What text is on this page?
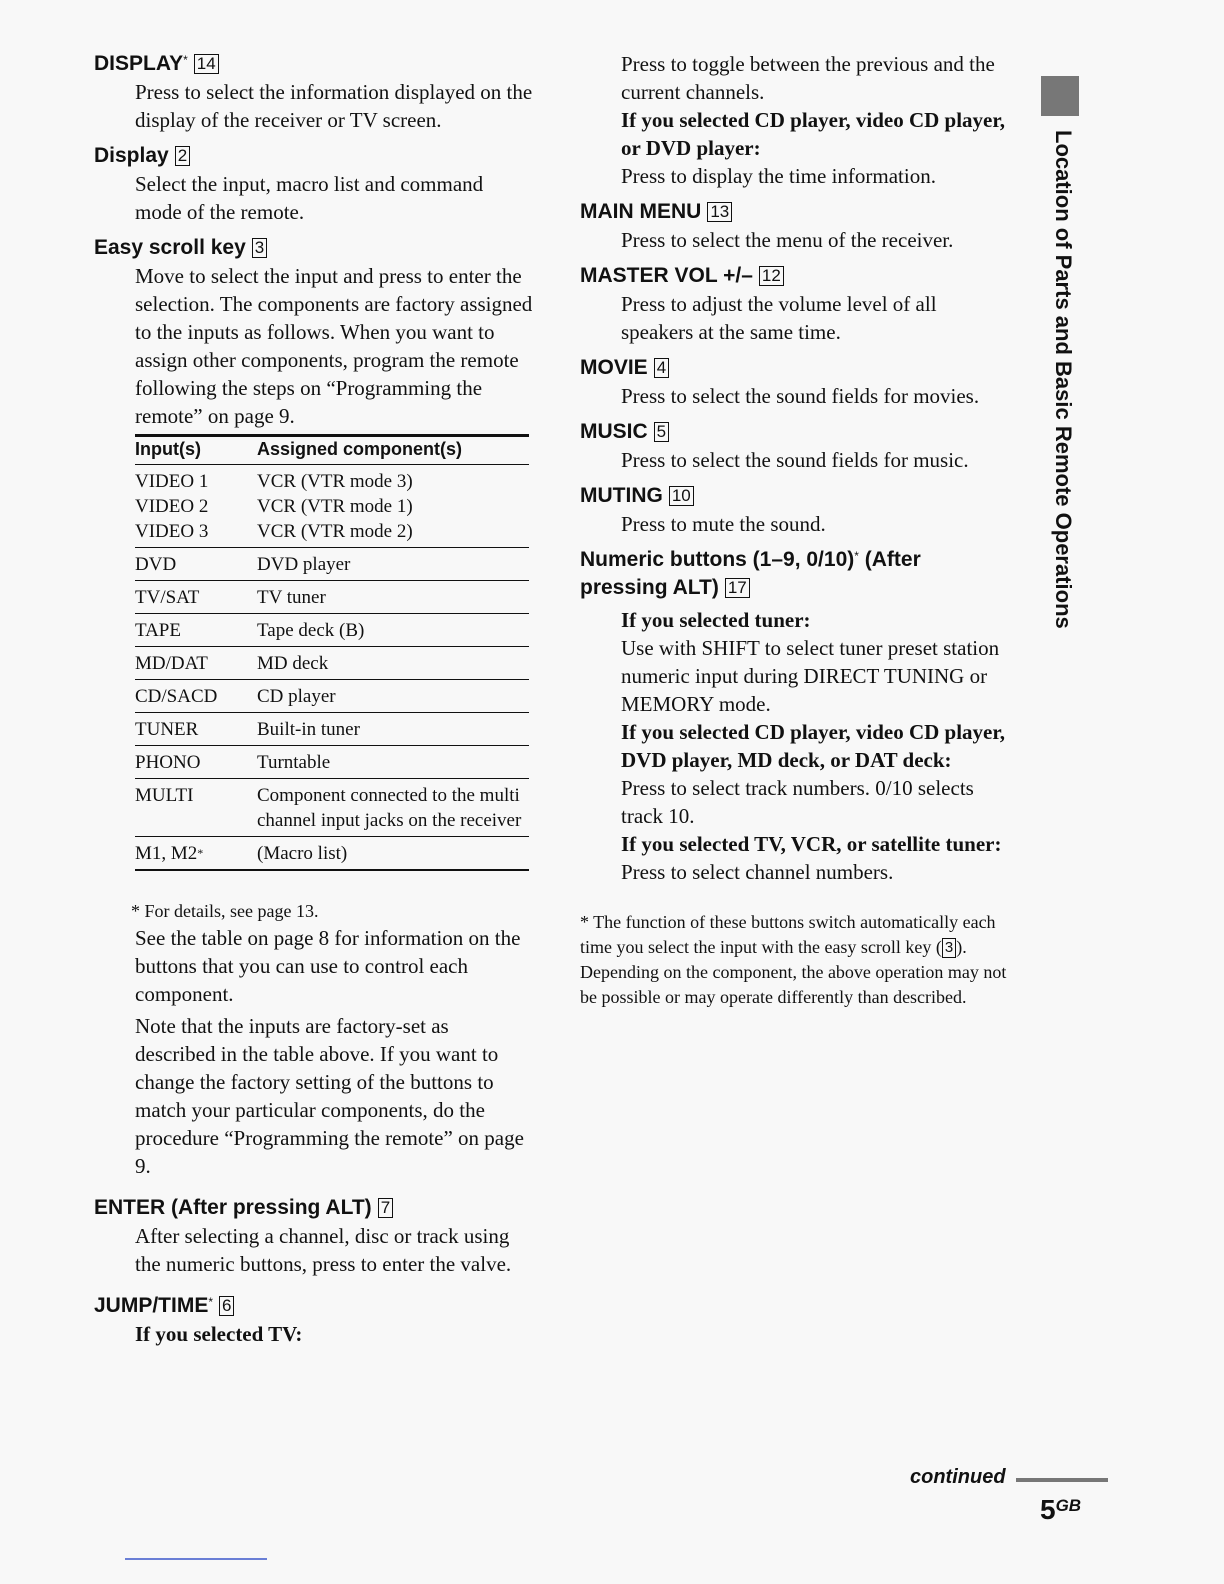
DISPLAY* 14

Press to select the information displayed on the display of the receiver or TV screen.

Display 2

Select the input, macro list and command mode of the remote.

Easy scroll key 3

Move to select the input and press to enter the selection. The components are factory assigned to the inputs as follows. When you want to assign other components, program the remote following the steps on “Programming the remote” on page 9.

Input(s)	Assigned component(s)
VIDEO 1	VCR (VTR mode 3)
VIDEO 2	VCR (VTR mode 1)
VIDEO 3	VCR (VTR mode 2)
DVD	DVD player
TV/SAT	TV tuner
TAPE	Tape deck (B)
MD/DAT	MD deck
CD/SACD	CD player
TUNER	Built-in tuner
PHONO	Turntable
MULTI	Component connected to the multi channel input jacks on the receiver
M1, M2*	(Macro list)

* For details, see page 13.

See the table on page 8 for information on the buttons that you can use to control each component.

Note that the inputs are factory-set as described in the table above. If you want to change the factory setting of the buttons to match your particular components, do the procedure “Programming the remote” on page 9.

ENTER (After pressing ALT) 7

After selecting a channel, disc or track using the numeric buttons, press to enter the valve.

JUMP/TIME* 6

If you selected TV:

Press to toggle between the previous and the current channels.

If you selected CD player, video CD player, or DVD player:

Press to display the time information.

MAIN MENU 13

Press to select the menu of the receiver.

MASTER VOL +/– 12

Press to adjust the volume level of all speakers at the same time.

MOVIE 4

Press to select the sound fields for movies.

MUSIC 5

Press to select the sound fields for music.

MUTING 10

Press to mute the sound.

Numeric buttons (1–9, 0/10)* (After pressing ALT) 17

If you selected tuner:

Use with SHIFT to select tuner preset station numeric input during DIRECT TUNING or MEMORY mode.

If you selected CD player, video CD player, DVD player, MD deck, or DAT deck:

Press to select track numbers. 0/10 selects track 10.

If you selected TV, VCR, or satellite tuner:

Press to select channel numbers.

* The function of these buttons switch automatically each time you select the input with the easy scroll key ( 3 ). Depending on the component, the above operation may not be possible or may operate differently than described.

Location of Parts and Basic Remote Operations
continued
$5^{GB}$
